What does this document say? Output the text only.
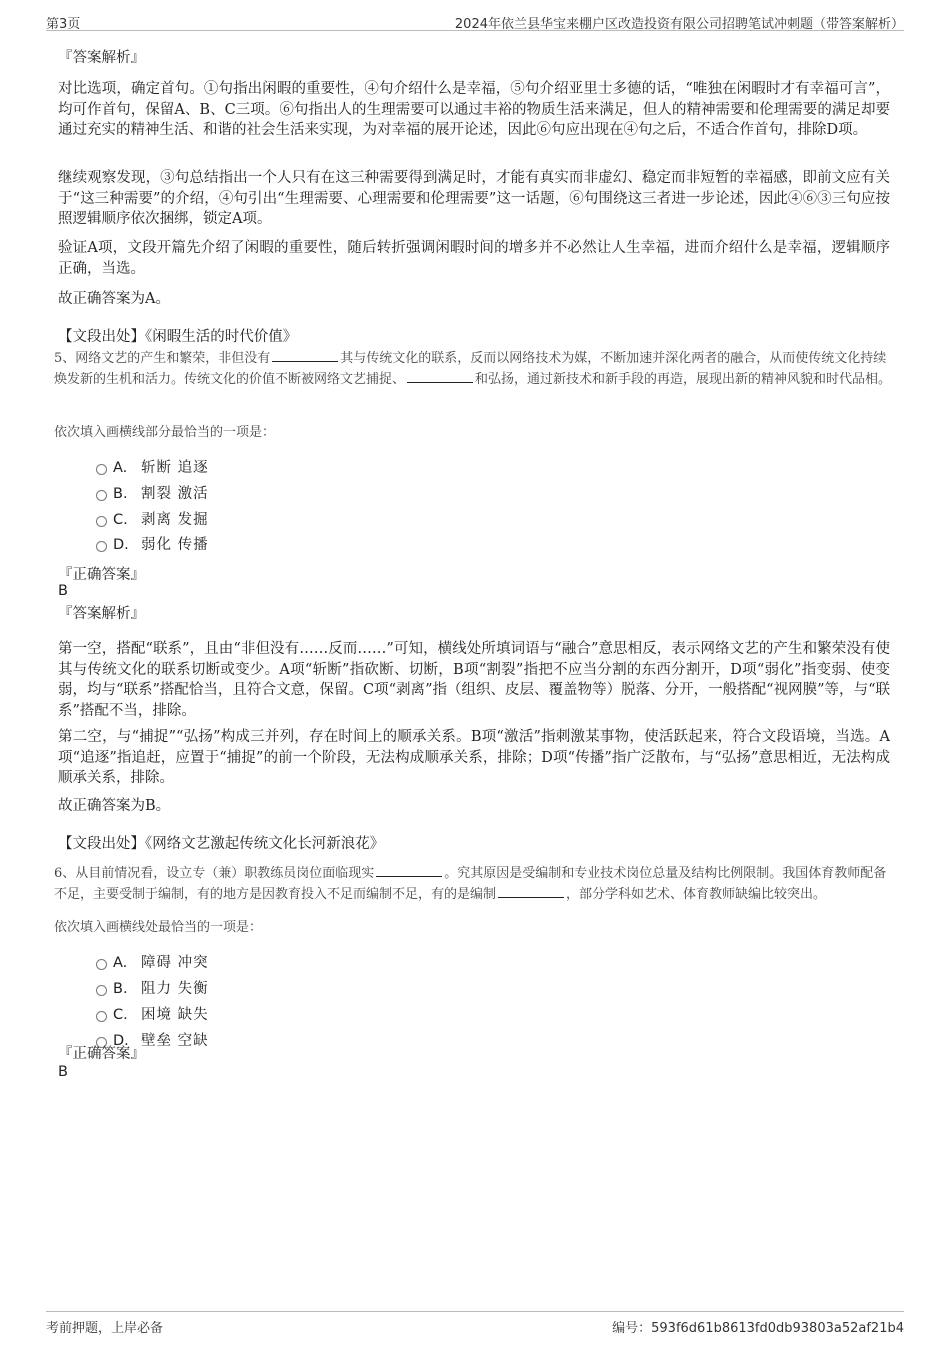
第3页	2024年依兰县华宝来棚户区改造投资有限公司招聘笔试冲刺题（带答案解析）
『答案解析』
对比选项，确定首句。①句指出闲暇的重要性，④句介绍什么是幸福，⑤句介绍亚里士多德的话，“唯独在闲暇时才有幸福可言”，均可作首句，保留A、B、C三项。⑥句指出人的生理需要可以通过丰裕的物质生活来满足，但人的精神需要和伦理需要的满足却要通过充实的精神生活、和谐的社会生活来实现，为对幸福的展开论述，因此⑥句应出现在④句之后，不适合作首句，排除D项。
继续观察发现，③句总结指出一个人只有在这三种需要得到满足时，才能有真实而非虚幻、稳定而非短暂的幸福感，即前文应有关于“这三种需要”的介绍，④句引出“生理需要、心理需要和伦理需要”这一话题，⑥句围绕这三者进一步论述，因此④⑥③三句应按照逻辑顺序依次捆绑，锁定A项。
验证A项，文段开篇先介绍了闲暇的重要性，随后转折强调闲暇时间的增多并不必然让人生幸福，进而介绍什么是幸福，逻辑顺序正确，当选。
故正确答案为A。
【文段出处】《闲暇生活的时代价值》
5、网络文艺的产生和繁荣，非但没有	其与传统文化的联系，反而以网络技术为媒，不断加速并深化两者的融合，从而使传统文化持续焕发新的生机和活力。传统文化的价值不断被网络文艺捕捉、	和弘扬，通过新技术和新手段的再造，展现出新的精神风貌和时代品相。
依次填入画横线部分最恰当的一项是：
A. 斩断 追逐
B. 割裂 激活
C. 剥离 发掘
D. 弱化 传播
『正确答案』
B
『答案解析』
第一空，搭配“联系”，且由“非但没有……反而……”可知，横线处所填词语与“融合”意思相反，表示网络文艺的产生和繁荣没有使其与传统文化的联系切断或变少。A项“斩断”指砍断、切断，B项“割裂”指把不应当分割的东西分割开，D项“弱化”指变弱、使变弱，均与“联系”搭配恰当，且符合文意，保留。C项“剥离”指（组织、皮层、覆盖物等）脱落、分开，一般搭配“视网膜”等，与“联系”搭配不当，排除。
第二空，与“捕捉”“弘扬”构成三并列，存在时间上的顺承关系。B项“激活”指刺激某事物，使活跃起来，符合文段语境，当选。A项“追逐”指追赶，应置于“捕捉”的前一个阶段，无法构成顺承关系，排除；D项“传播”指广泛散布，与“弘扬”意思相近，无法构成顺承关系，排除。
故正确答案为B。
【文段出处】《网络文艺激起传统文化长河新浪花》
6、从目前情况看，设立专（兼）职教练员岗位面临现实	。究其原因是受编制和专业技术岗位总量及结构比例限制。我国体育教师配备不足，主要受制于编制，有的地方是因教育投入不足而编制不足，有的是编制	，部分学科如艺术、体育教师缺编比较突出。
依次填入画横线处最恰当的一项是：
A. 障碍 冲突
B. 阻力 失衡
C. 困境 缺失
D. 壁垒 空缺
『正确答案』
B
考前押题，上岸必备	编号：593f6d61b8613fd0db93803a52af21b4
